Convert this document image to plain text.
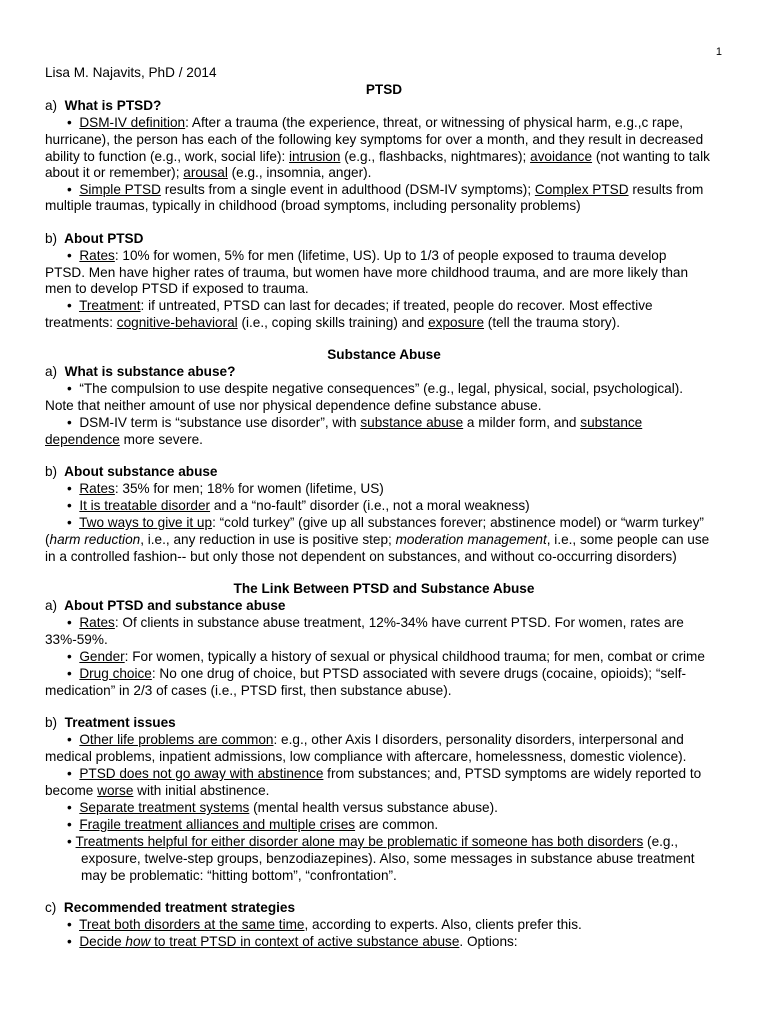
1
Lisa M. Najavits, PhD / 2014
PTSD
a) What is PTSD?
• DSM-IV definition: After a trauma (the experience, threat, or witnessing of physical harm, e.g.,c rape,
hurricane), the person has each of the following key symptoms for over a month, and they result in decreased
ability to function (e.g., work, social life): intrusion (e.g., flashbacks, nightmares); avoidance (not wanting to talk
about it or remember); arousal (e.g., insomnia, anger).
• Simple PTSD results from a single event in adulthood (DSM-IV symptoms); Complex PTSD results from
multiple traumas, typically in childhood (broad symptoms, including personality problems)
b) About PTSD
• Rates: 10% for women, 5% for men (lifetime, US). Up to 1/3 of people exposed to trauma develop
PTSD. Men have higher rates of trauma, but women have more childhood trauma, and are more likely than
men to develop PTSD if exposed to trauma.
• Treatment: if untreated, PTSD can last for decades; if treated, people do recover. Most effective
treatments: cognitive-behavioral (i.e., coping skills training) and exposure (tell the trauma story).
Substance Abuse
a) What is substance abuse?
• “The compulsion to use despite negative consequences” (e.g., legal, physical, social, psychological).
Note that neither amount of use nor physical dependence define substance abuse.
• DSM-IV term is “substance use disorder”, with substance abuse a milder form, and substance
dependence more severe.
b) About substance abuse
• Rates: 35% for men; 18% for women (lifetime, US)
• It is treatable disorder and a “no-fault” disorder (i.e., not a moral weakness)
• Two ways to give it up: “cold turkey” (give up all substances forever; abstinence model) or “warm turkey”
(harm reduction, i.e., any reduction in use is positive step; moderation management, i.e., some people can use
in a controlled fashion-- but only those not dependent on substances, and without co-occurring disorders)
The Link Between PTSD and Substance Abuse
a) About PTSD and substance abuse
• Rates: Of clients in substance abuse treatment, 12%-34% have current PTSD. For women, rates are
33%-59%.
• Gender: For women, typically a history of sexual or physical childhood trauma; for men, combat or crime
• Drug choice: No one drug of choice, but PTSD associated with severe drugs (cocaine, opioids); “self-
medication” in 2/3 of cases (i.e., PTSD first, then substance abuse).
b) Treatment issues
• Other life problems are common: e.g., other Axis I disorders, personality disorders, interpersonal and
medical problems, inpatient admissions, low compliance with aftercare, homelessness, domestic violence).
• PTSD does not go away with abstinence from substances; and, PTSD symptoms are widely reported to
become worse with initial abstinence.
• Separate treatment systems (mental health versus substance abuse).
• Fragile treatment alliances and multiple crises are common.
• Treatments helpful for either disorder alone may be problematic if someone has both disorders (e.g.,
exposure, twelve-step groups, benzodiazepines). Also, some messages in substance abuse treatment
may be problematic: “hitting bottom”, “confrontation”.
c) Recommended treatment strategies
• Treat both disorders at the same time, according to experts. Also, clients prefer this.
• Decide how to treat PTSD in context of active substance abuse. Options:
